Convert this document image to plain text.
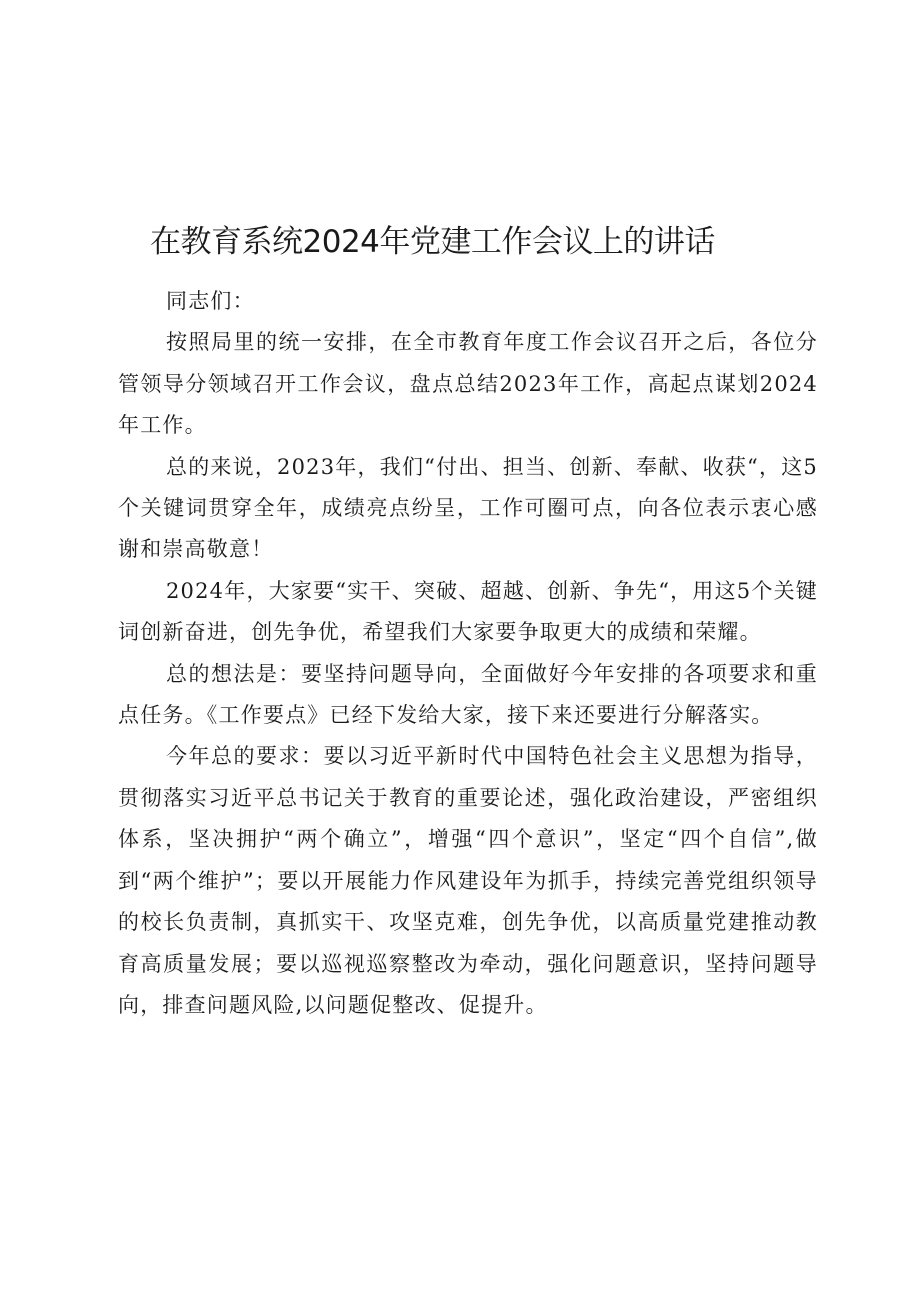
在教育系统2024年党建工作会议上的讲话

同志们：

按照局里的统一安排，在全市教育年度工作会议召开之后，各位分管领导分领域召开工作会议，盘点总结2023年工作，高起点谋划2024年工作。

总的来说，2023年，我们“付出、担当、创新、奉献、收获“，这5个关键词贯穿全年，成绩亮点纷呈，工作可圈可点，向各位表示衷心感谢和崇高敬意！

2024年，大家要“实干、突破、超越、创新、争先“，用这5个关键词创新奋进，创先争优，希望我们大家要争取更大的成绩和荣耀。

总的想法是：要坚持问题导向，全面做好今年安排的各项要求和重点任务。《工作要点》已经下发给大家，接下来还要进行分解落实。

今年总的要求：要以习近平新时代中国特色社会主义思想为指导，贯彻落实习近平总书记关于教育的重要论述，强化政治建设，严密组织体系，坚决拥护“两个确立”，增强“四个意识”，坚定“四个自信”,做到“两个维护”；要以开展能力作风建设年为抓手，持续完善党组织领导的校长负责制，真抓实干、攻坚克难，创先争优，以高质量党建推动教育高质量发展；要以巡视巡察整改为牵动，强化问题意识，坚持问题导向，排查问题风险,以问题促整改、促提升。
